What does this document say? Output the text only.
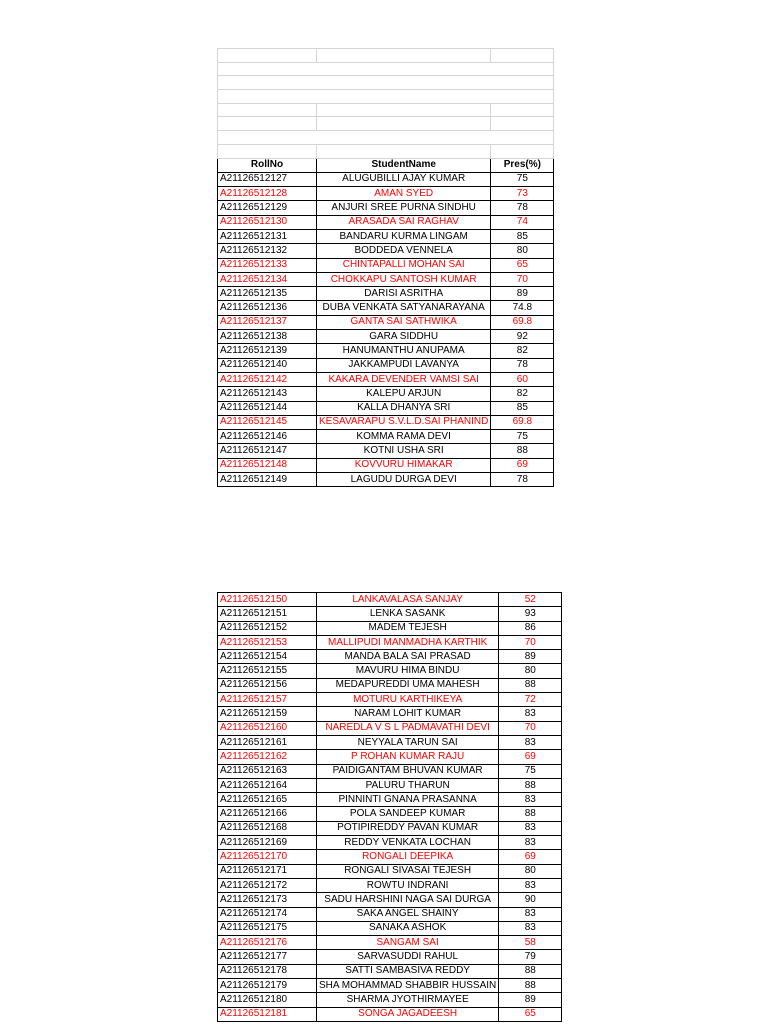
RollNo	StudentName	Pres(%)
A21126512127	ALUGUBILLI AJAY KUMAR	75
A21126512128	AMAN SYED	73
A21126512129	ANJURI SREE PURNA SINDHU	78
A21126512130	ARASADA SAI RAGHAV	74
A21126512131	BANDARU KURMA LINGAM	85
A21126512132	BODDEDA VENNELA	80
A21126512133	CHINTAPALLI MOHAN SAI	65
A21126512134	CHOKKAPU SANTOSH KUMAR	70
A21126512135	DARISI ASRITHA	89
A21126512136	DUBA VENKATA SATYANARAYANA	74.8
A21126512137	GANTA SAI SATHWIKA	69.8
A21126512138	GARA SIDDHU	92
A21126512139	HANUMANTHU ANUPAMA	82
A21126512140	JAKKAMPUDI LAVANYA	78
A21126512142	KAKARA DEVENDER VAMSI SAI	60
A21126512143	KALEPU ARJUN	82
A21126512144	KALLA DHANYA SRI	85
A21126512145	KESAVARAPU S.V.L.D.SAI PHANIND	69.8
A21126512146	KOMMA RAMA DEVI	75
A21126512147	KOTNI USHA SRI	88
A21126512148	KOVVURU HIMAKAR	69
A21126512149	LAGUDU DURGA DEVI	78
A21126512150	LANKAVALASA SANJAY	52
A21126512151	LENKA SASANK	93
A21126512152	MADEM TEJESH	86
A21126512153	MALLIPUDI MANMADHA KARTHIK	70
A21126512154	MANDA BALA SAI PRASAD	89
A21126512155	MAVURU HIMA BINDU	80
A21126512156	MEDAPUREDDI UMA MAHESH	88
A21126512157	MOTURU KARTHIKEYA	72
A21126512159	NARAM LOHIT KUMAR	83
A21126512160	NAREDLA V S L PADMAVATHI DEVI	70
A21126512161	NEYYALA TARUN SAI	83
A21126512162	P ROHAN KUMAR RAJU	69
A21126512163	PAIDIGANTAM BHUVAN KUMAR	75
A21126512164	PALURU THARUN	88
A21126512165	PINNINTI GNANA PRASANNA	83
A21126512166	POLA SANDEEP KUMAR	88
A21126512168	POTIPIREDDY PAVAN KUMAR	83
A21126512169	REDDY VENKATA LOCHAN	83
A21126512170	RONGALI DEEPIKA	69
A21126512171	RONGALI SIVASAI TEJESH	80
A21126512172	ROWTU INDRANI	83
A21126512173	SADU HARSHINI NAGA SAI DURGA	90
A21126512174	SAKA ANGEL SHAINY	83
A21126512175	SANAKA ASHOK	83
A21126512176	SANGAM SAI	58
A21126512177	SARVASUDDI RAHUL	79
A21126512178	SATTI SAMBASIVA REDDY	88
A21126512179	SHA MOHAMMAD SHABBIR HUSSAIN	88
A21126512180	SHARMA JYOTHIRMAYEE	89
A21126512181	SONGA JAGADEESH	65
